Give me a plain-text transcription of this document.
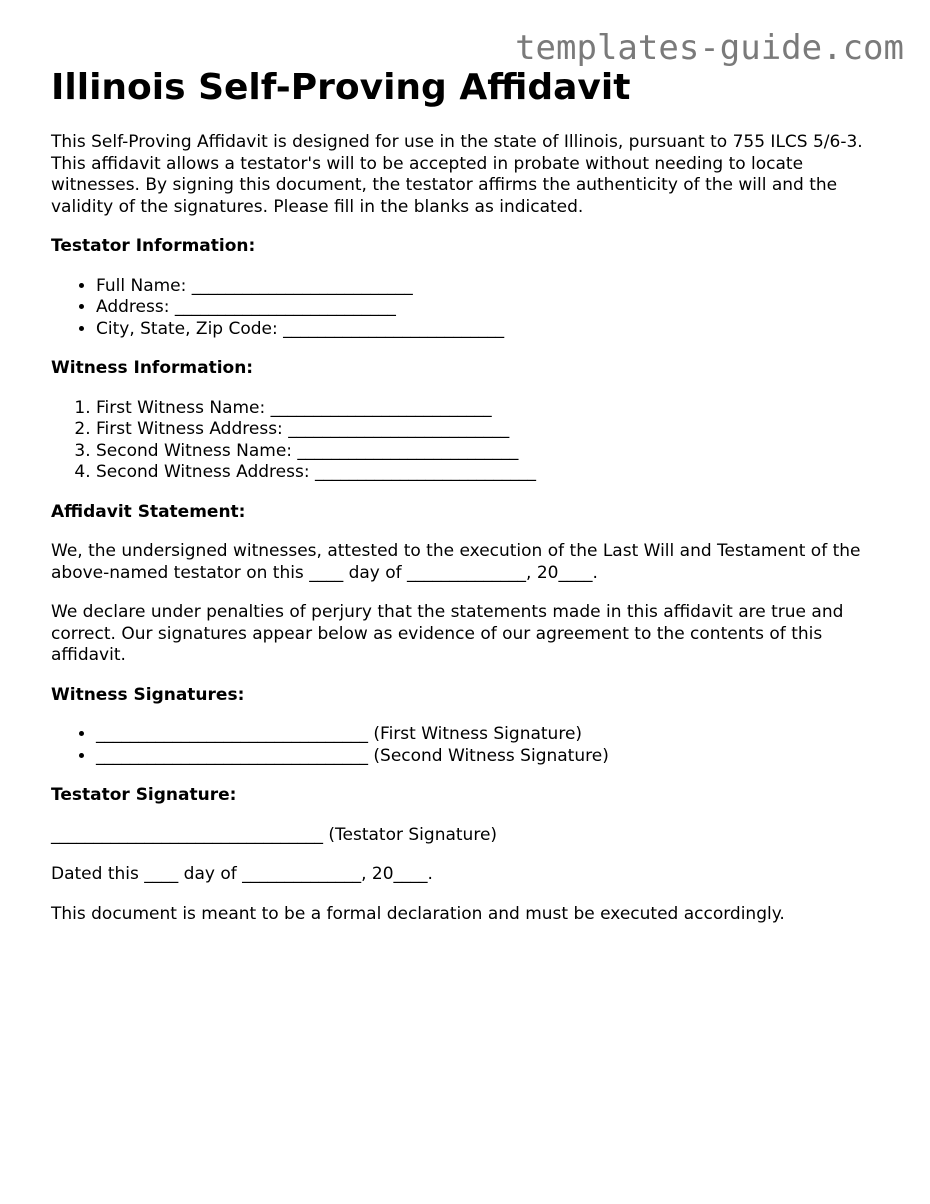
templates-guide.com
Illinois Self-Proving Affidavit

This Self-Proving Affidavit is designed for use in the state of Illinois, pursuant to 755 ILCS 5/6-3. This affidavit allows a testator's will to be accepted in probate without needing to locate witnesses. By signing this document, the testator affirms the authenticity of the will and the validity of the signatures. Please fill in the blanks as indicated.

Testator Information:
• Full Name: __________________________
• Address: __________________________
• City, State, Zip Code: __________________________
Witness Information:
1. First Witness Name: __________________________
2. First Witness Address: __________________________
3. Second Witness Name: __________________________
4. Second Witness Address: __________________________
Affidavit Statement:

We, the undersigned witnesses, attested to the execution of the Last Will and Testament of the above-named testator on this ____ day of ______________, 20____.

We declare under penalties of perjury that the statements made in this affidavit are true and correct. Our signatures appear below as evidence of our agreement to the contents of this affidavit.

Witness Signatures:
• ________________________________ (First Witness Signature)
• ________________________________ (Second Witness Signature)
Testator Signature:

________________________________ (Testator Signature)

Dated this ____ day of ______________, 20____.

This document is meant to be a formal declaration and must be executed accordingly.
